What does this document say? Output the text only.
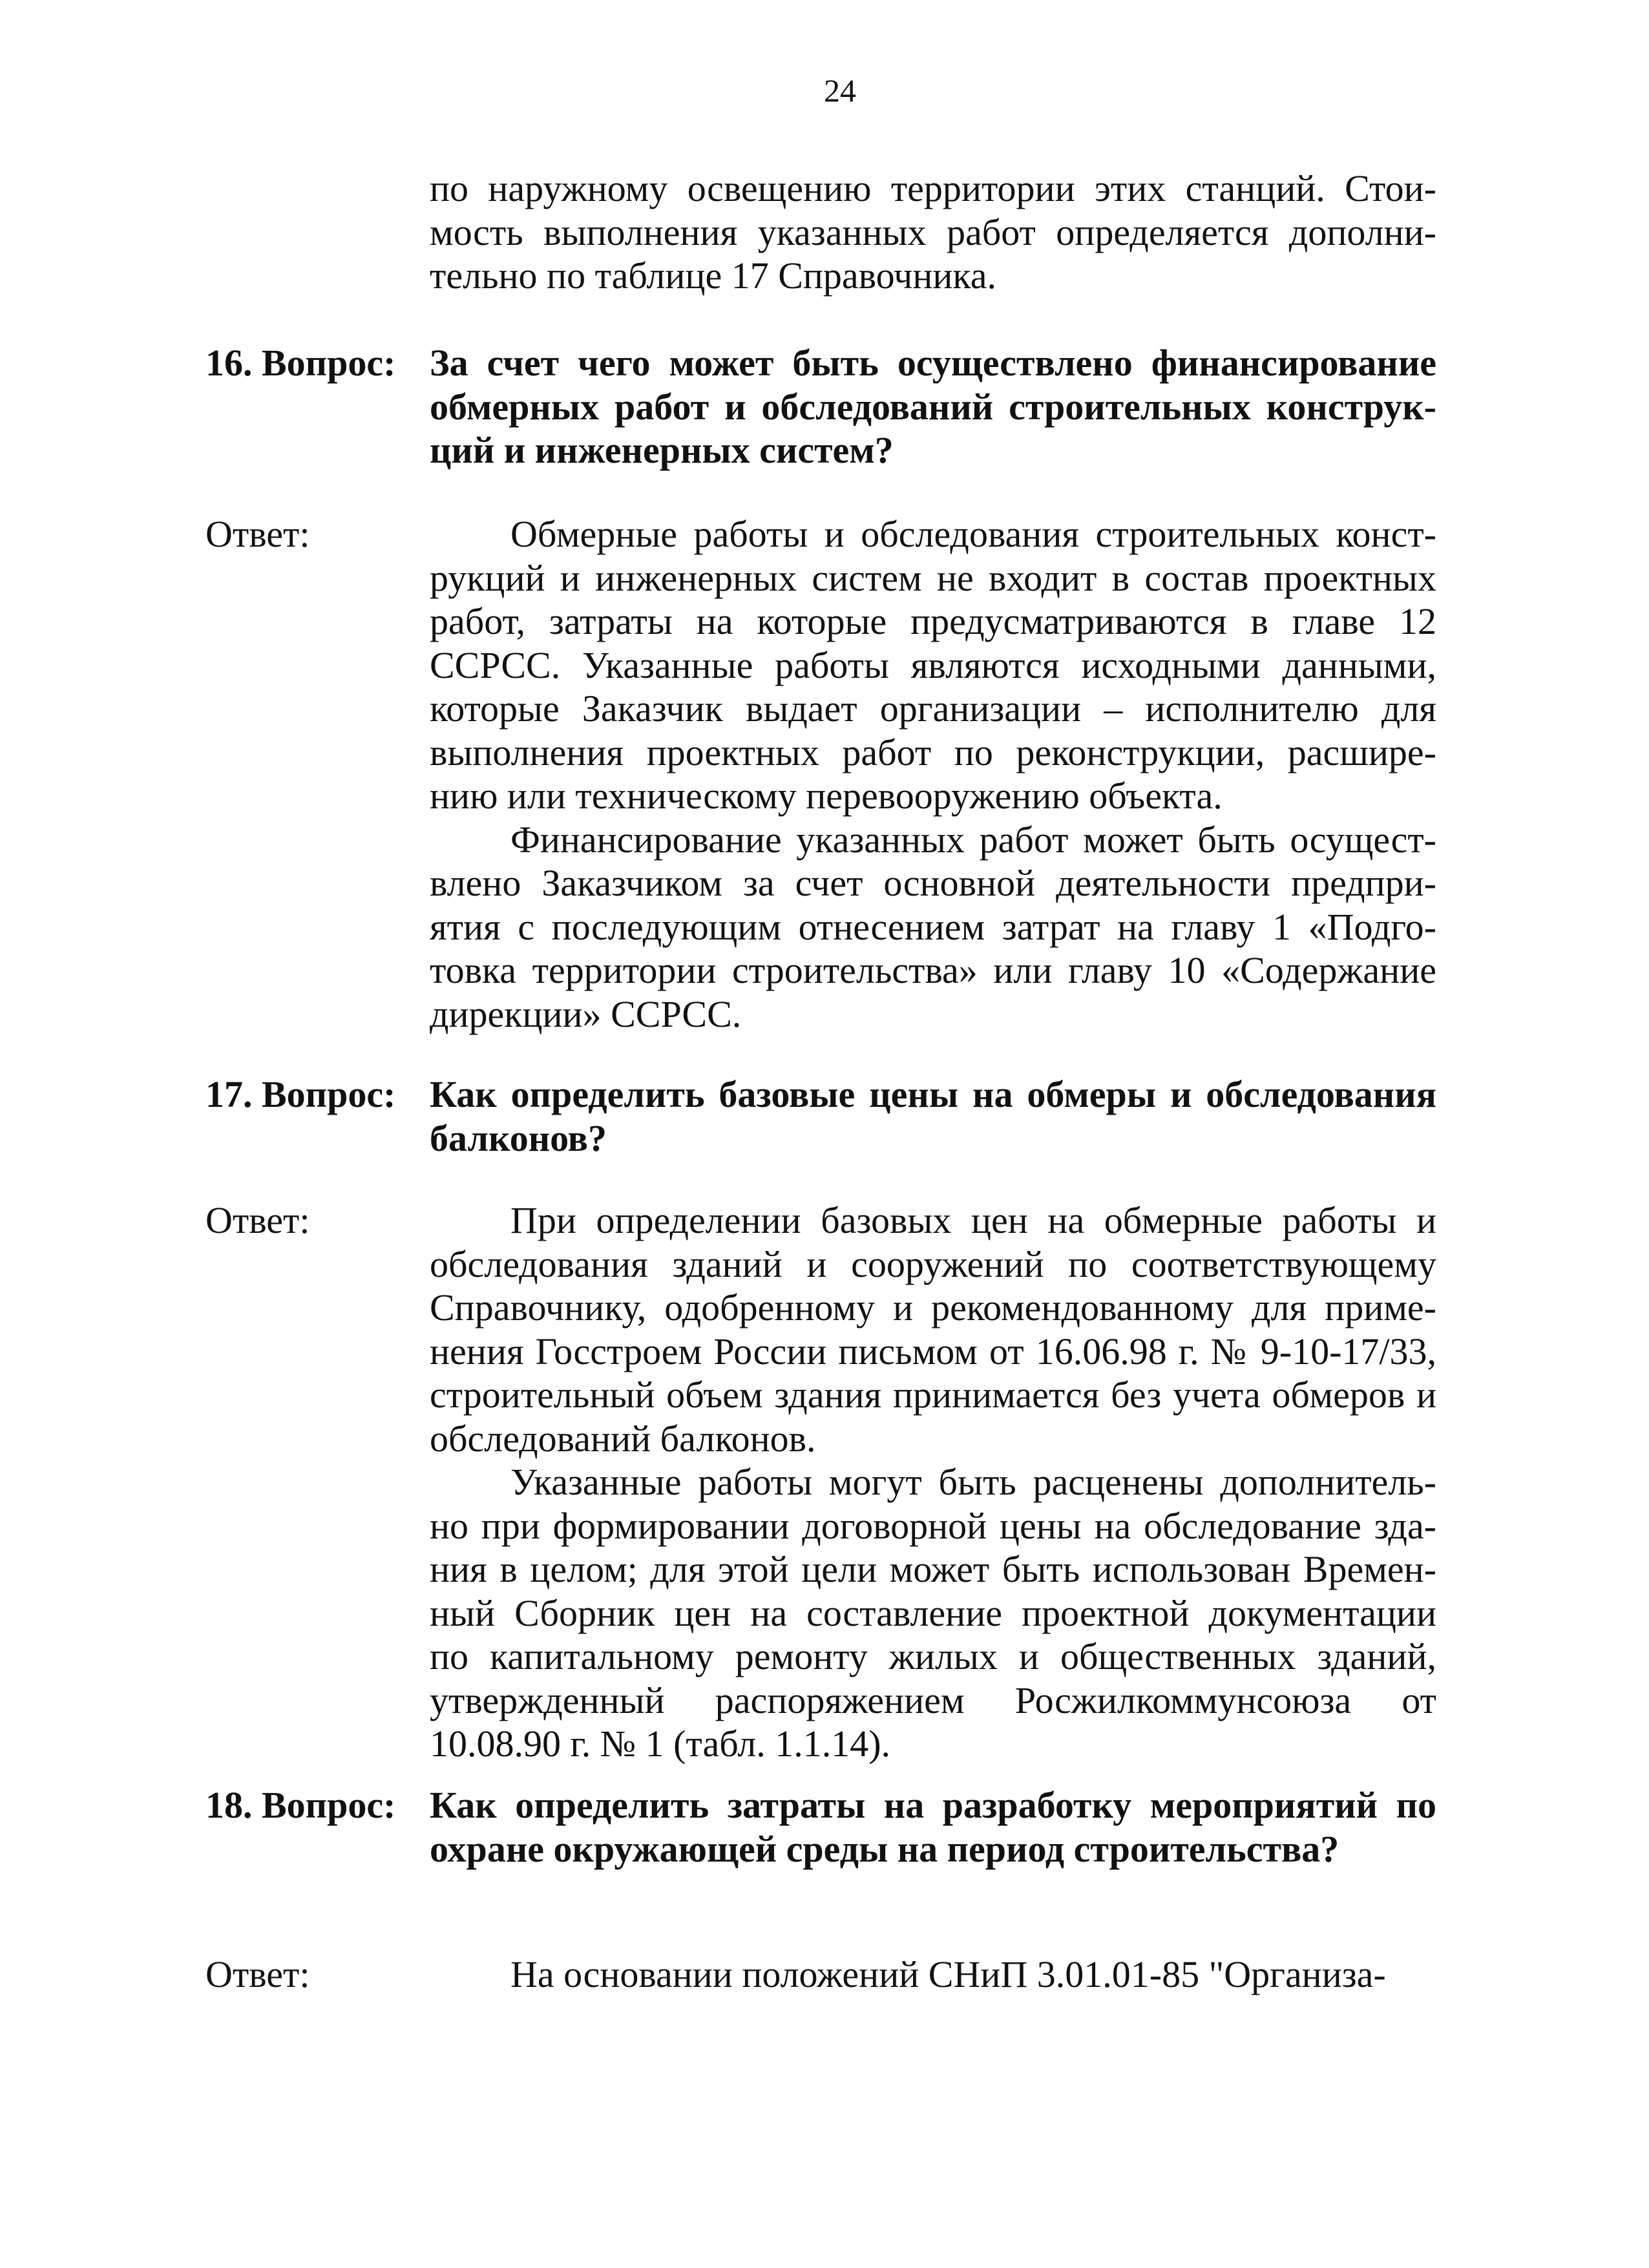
24
по наружному освещению территории этих станций. Стои-
мость выполнения указанных работ определяется дополни-
тельно по таблице 17 Справочника.
16. Вопрос: За счет чего может быть осуществлено финансирование
обмерных работ и обследований строительных конструк-
ций и инженерных систем?
Ответ:	Обмерные работы и обследования строительных конст-
рукций и инженерных систем не входит в состав проектных
работ, затраты на которые предусматриваются в главе 12
ССРСС. Указанные работы являются исходными данными,
которые Заказчик выдает организации – исполнителю для
выполнения проектных работ по реконструкции, расшире-
нию или техническому перевооружению объекта.
Финансирование указанных работ может быть осущест-
влено Заказчиком за счет основной деятельности предпри-
ятия с последующим отнесением затрат на главу 1 «Подго-
товка территории строительства» или главу 10 «Содержание
дирекции» ССРСС.
17. Вопрос: Как определить базовые цены на обмеры и обследования
балконов?
Ответ:	При определении базовых цен на обмерные работы и
обследования зданий и сооружений по соответствующему
Справочнику, одобренному и рекомендованному для приме-
нения Госстроем России письмом от 16.06.98 г. № 9-10-17/33,
строительный объем здания принимается без учета обмеров и
обследований балконов.
Указанные работы могут быть расценены дополнитель-
но при формировании договорной цены на обследование зда-
ния в целом; для этой цели может быть использован Времен-
ный Сборник цен на составление проектной документации
по капитальному ремонту жилых и общественных зданий,
утвержденный распоряжением Росжилкоммунсоюза от
10.08.90 г. № 1 (табл. 1.1.14).
18. Вопрос: Как определить затраты на разработку мероприятий по
охране окружающей среды на период строительства?
Ответ:	На основании положений СНиП 3.01.01-85 "Организа-
